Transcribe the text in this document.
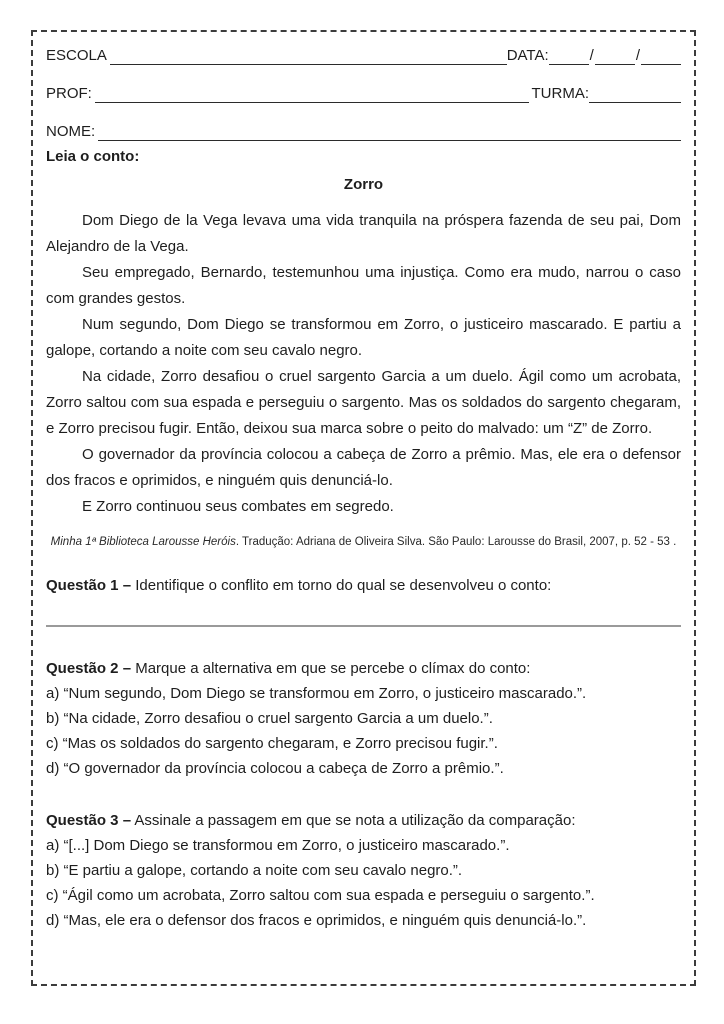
ESCOLA	DATA:	/	/
PROF:	TURMA:
NOME:
Leia o conto:
Zorro

Dom Diego de la Vega levava uma vida tranquila na próspera fazenda de seu pai, Dom Alejandro de la Vega.

Seu empregado, Bernardo, testemunhou uma injustiça. Como era mudo, narrou o caso com grandes gestos.

Num segundo, Dom Diego se transformou em Zorro, o justiceiro mascarado. E partiu a galope, cortando a noite com seu cavalo negro.

Na cidade, Zorro desafiou o cruel sargento Garcia a um duelo. Ágil como um acrobata, Zorro saltou com sua espada e perseguiu o sargento. Mas os soldados do sargento chegaram, e Zorro precisou fugir. Então, deixou sua marca sobre o peito do malvado: um “Z” de Zorro.

O governador da província colocou a cabeça de Zorro a prêmio. Mas, ele era o defensor dos fracos e oprimidos, e ninguém quis denunciá-lo.

E Zorro continuou seus combates em segredo.

Minha 1ª Biblioteca Larousse Heróis. Tradução: Adriana de Oliveira Silva. São Paulo: Larousse do Brasil, 2007, p. 52 - 53 .
Questão 1 – Identifique o conflito em torno do qual se desenvolveu o conto:
Questão 2 – Marque a alternativa em que se percebe o clímax do conto:
a) “Num segundo, Dom Diego se transformou em Zorro, o justiceiro mascarado.”.
b) “Na cidade, Zorro desafiou o cruel sargento Garcia a um duelo.”.
c) “Mas os soldados do sargento chegaram, e Zorro precisou fugir.”.
d) “O governador da província colocou a cabeça de Zorro a prêmio.”.
Questão 3 – Assinale a passagem em que se nota a utilização da comparação:
a) “[...] Dom Diego se transformou em Zorro, o justiceiro mascarado.”.
b) “E partiu a galope, cortando a noite com seu cavalo negro.”.
c) “Ágil como um acrobata, Zorro saltou com sua espada e perseguiu o sargento.”.
d) “Mas, ele era o defensor dos fracos e oprimidos, e ninguém quis denunciá-lo.”.
